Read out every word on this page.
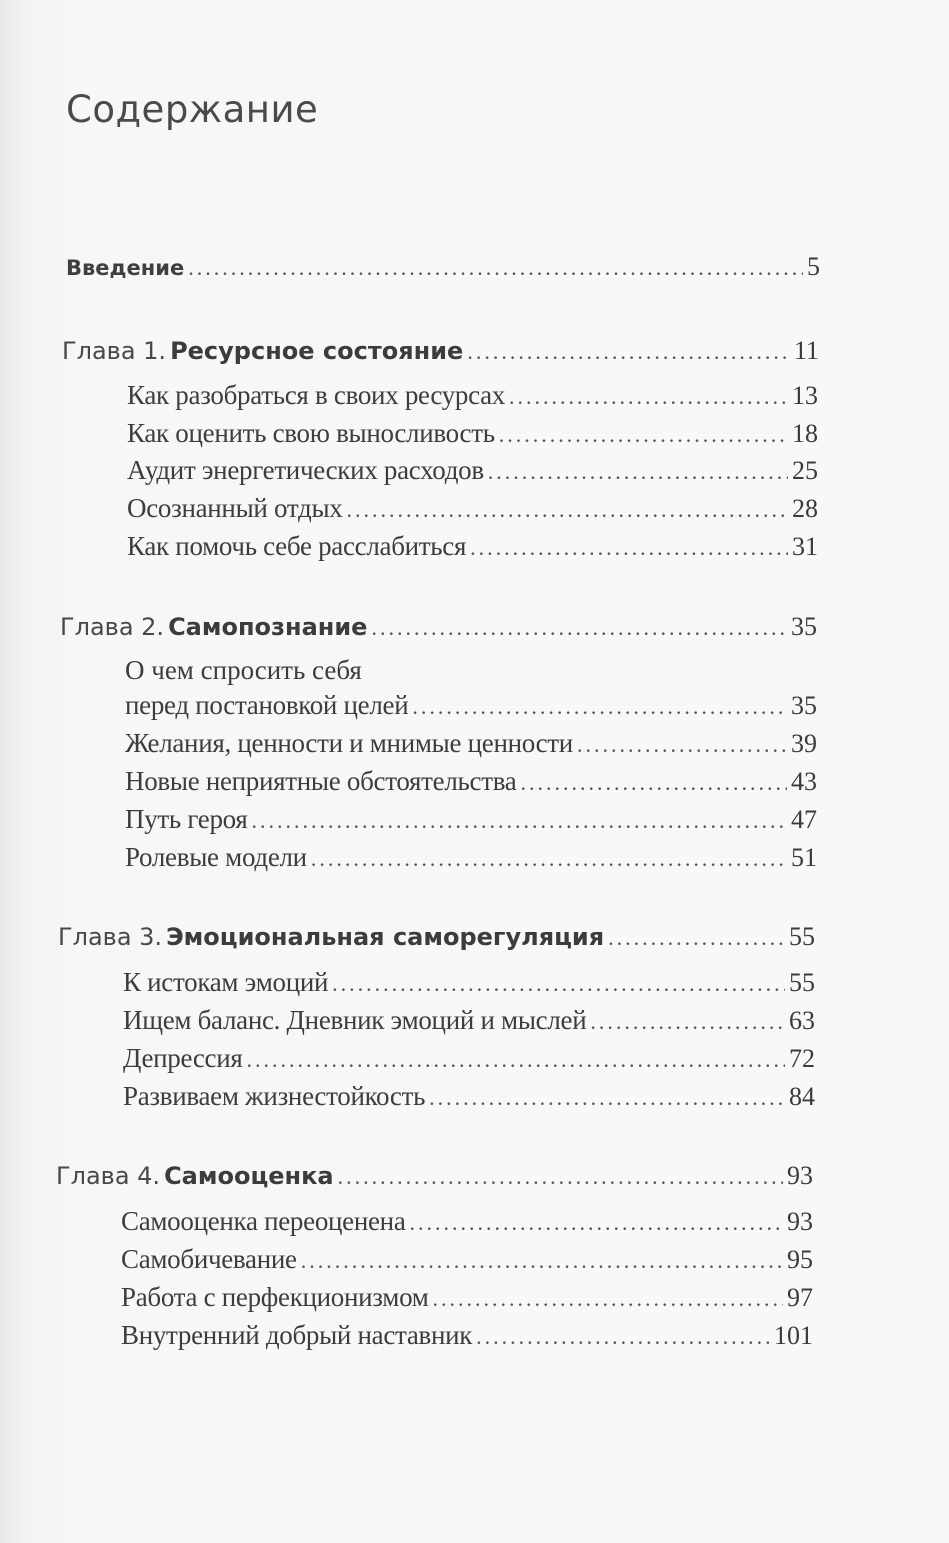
Содержание
Введение .....	5
Глава 1. Ресурсное состояние .....	11
Как разобраться в своих ресурсах .....	13
Как оценить свою выносливость .....	18
Аудит энергетических расходов .....	25
Осознанный отдых .....	28
Как помочь себе расслабиться .....	31
Глава 2. Самопознание .....	35
О чем спросить себя
перед постановкой целей .....	35
Желания, ценности и мнимые ценности .....	39
Новые неприятные обстоятельства .....	43
Путь героя .....	47
Ролевые модели .....	51
Глава 3. Эмоциональная саморегуляция .....	55
К истокам эмоций .....	55
Ищем баланс. Дневник эмоций и мыслей .....	63
Депрессия .....	72
Развиваем жизнестойкость .....	84
Глава 4. Самооценка .....	93
Самооценка переоценена .....	93
Самобичевание .....	95
Работа с перфекционизмом .....	97
Внутренний добрый наставник .....	101
